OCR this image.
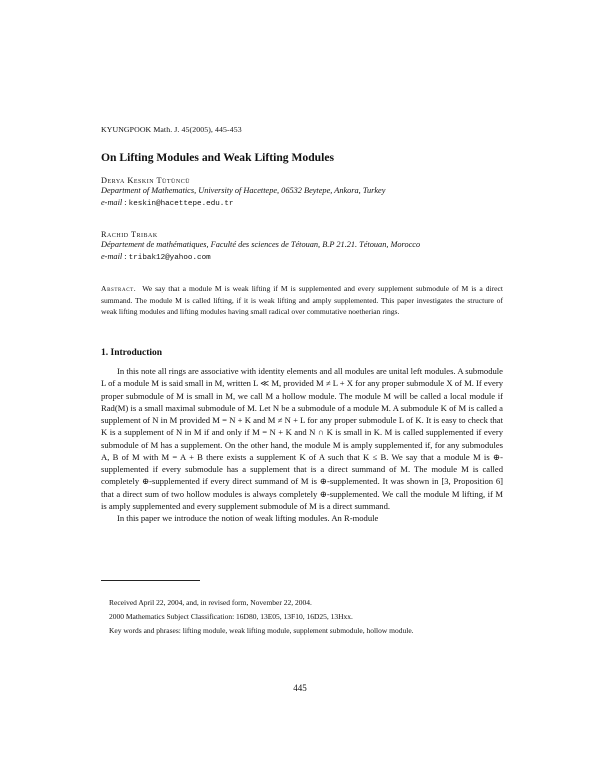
KYUNGPOOK Math. J. 45(2005), 445-453
On Lifting Modules and Weak Lifting Modules
Derya Keskin Tütüncü
Department of Mathematics, University of Hacettepe, 06532 Beytepe, Ankora, Turkey
e-mail : keskin@hacettepe.edu.tr
Rachid Tribak
Département de mathématiques, Faculté des sciences de Tétouan, B.P 21.21. Tétouan, Morocco
e-mail : tribak12@yahoo.com
Abstract. We say that a module M is weak lifting if M is supplemented and every supplement submodule of M is a direct summand. The module M is called lifting, if it is weak lifting and amply supplemented. This paper investigates the structure of weak lifting modules and lifting modules having small radical over commutative noetherian rings.
1. Introduction

In this note all rings are associative with identity elements and all modules are unital left modules. A submodule L of a module M is said small in M, written L ≪ M, provided M ≠ L + X for any proper submodule X of M. If every proper submodule of M is small in M, we call M a hollow module. The module M will be called a local module if Rad(M) is a small maximal submodule of M. Let N be a submodule of a module M. A submodule K of M is called a supplement of N in M provided M = N + K and M ≠ N + L for any proper submodule L of K. It is easy to check that K is a supplement of N in M if and only if M = N + K and N ∩ K is small in K. M is called supplemented if every submodule of M has a supplement. On the other hand, the module M is amply supplemented if, for any submodules A, B of M with M = A + B there exists a supplement K of A such that K ≤ B. We say that a module M is ⊕-supplemented if every submodule has a supplement that is a direct summand of M. The module M is called completely ⊕-supplemented if every direct summand of M is ⊕-supplemented. It was shown in [3, Proposition 6] that a direct sum of two hollow modules is always completely ⊕-supplemented. We call the module M lifting, if M is amply supplemented and every supplement submodule of M is a direct summand.

In this paper we introduce the notion of weak lifting modules. An R-module

Received April 22, 2004, and, in revised form, November 22, 2004.

2000 Mathematics Subject Classification: 16D80, 13E05, 13F10, 16D25, 13Hxx.

Key words and phrases: lifting module, weak lifting module, supplement submodule, hollow module.

445
